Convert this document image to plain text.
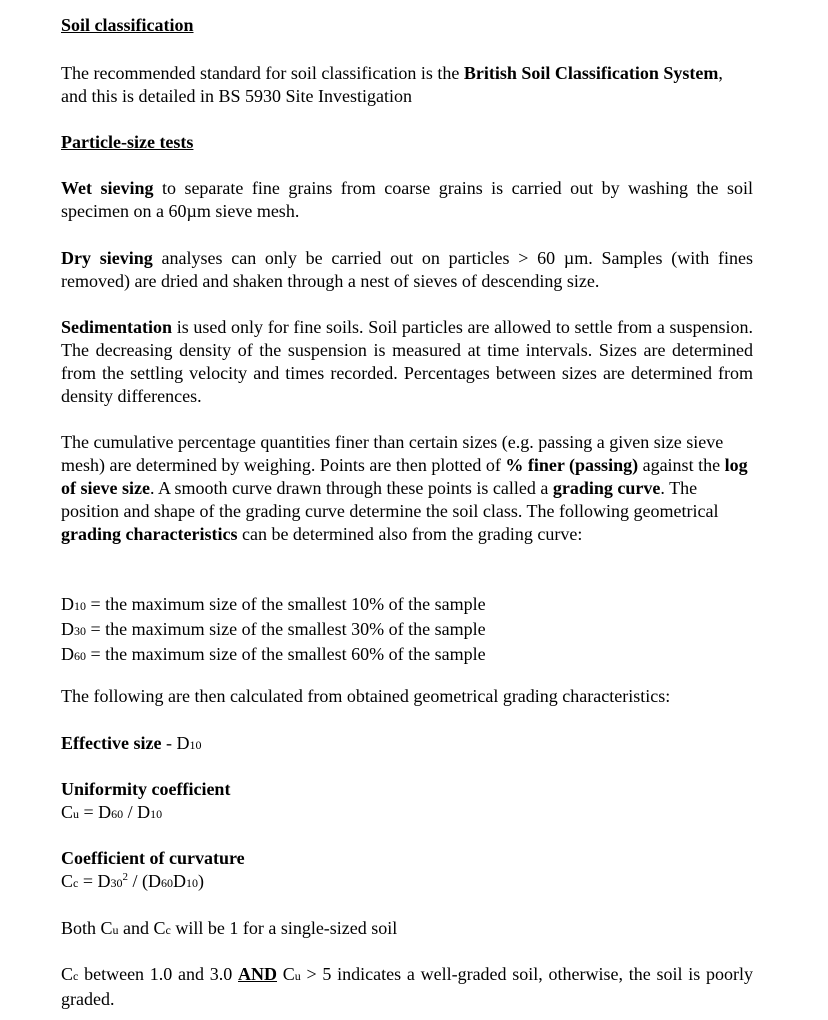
Soil classification

The recommended standard for soil classification is the British Soil Classification System, and this is detailed in BS 5930 Site Investigation

Particle-size tests

Wet sieving to separate fine grains from coarse grains is carried out by washing the soil specimen on a 60µm sieve mesh.

Dry sieving analyses can only be carried out on particles > 60 µm. Samples (with fines removed) are dried and shaken through a nest of sieves of descending size.

Sedimentation is used only for fine soils. Soil particles are allowed to settle from a suspension. The decreasing density of the suspension is measured at time intervals. Sizes are determined from the settling velocity and times recorded. Percentages between sizes are determined from density differences.

The cumulative percentage quantities finer than certain sizes (e.g. passing a given size sieve mesh) are determined by weighing. Points are then plotted of % finer (passing) against the log of sieve size. A smooth curve drawn through these points is called a grading curve. The position and shape of the grading curve determine the soil class. The following geometrical grading characteristics can be determined also from the grading curve:

D10 = the maximum size of the smallest 10% of the sample

D30 = the maximum size of the smallest 30% of the sample

D60 = the maximum size of the smallest 60% of the sample

The following are then calculated from obtained geometrical grading characteristics:

Effective size - D10

Uniformity coefficient

Cu = D60 / D10

Coefficient of curvature

$Cc = D30^2 / (D60D10)$

Both Cu and Cc will be 1 for a single-sized soil

Cc between 1.0 and 3.0 AND Cu > 5 indicates a well-graded soil, otherwise, the soil is poorly graded.
